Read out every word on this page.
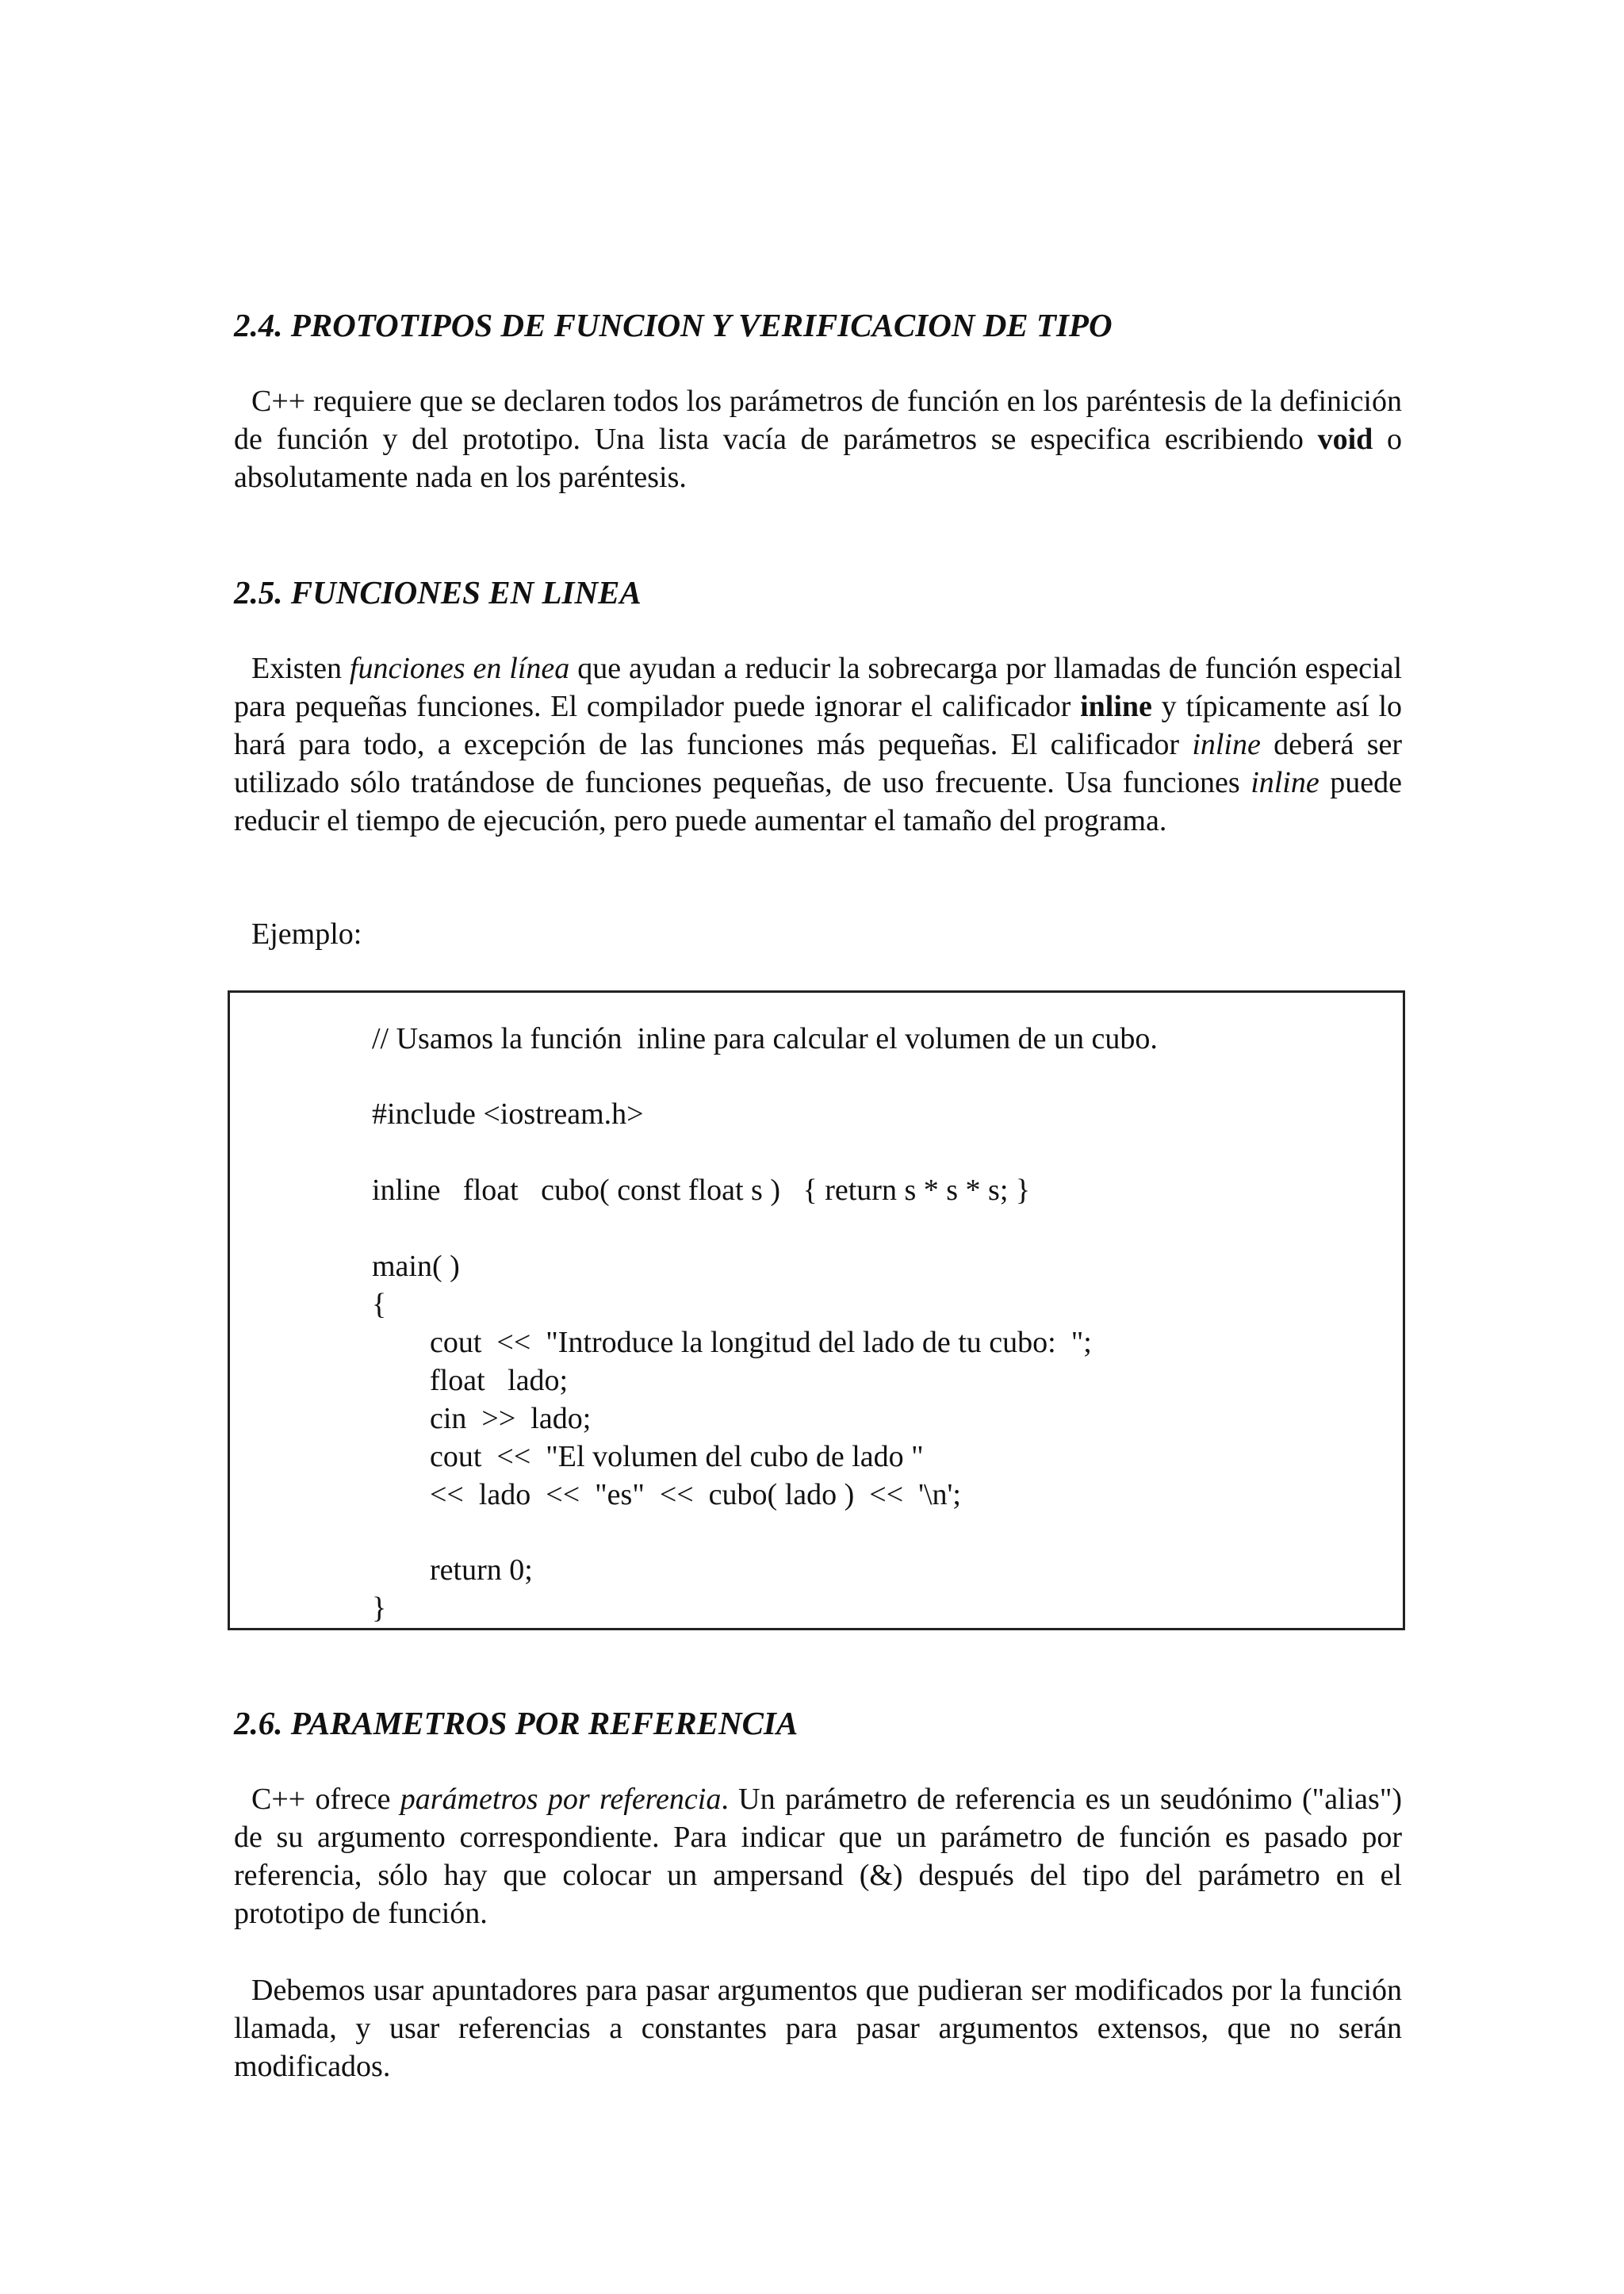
2.4. PROTOTIPOS DE FUNCION Y VERIFICACION DE TIPO

C++ requiere que se declaren todos los parámetros de función en los paréntesis de la definición de función y del prototipo. Una lista vacía de parámetros se especifica escribiendo void o absolutamente nada en los paréntesis.

2.5. FUNCIONES EN LINEA

Existen funciones en línea que ayudan a reducir la sobrecarga por llamadas de función especial para pequeñas funciones. El compilador puede ignorar el calificador inline y típicamente así lo hará para todo, a excepción de las funciones más pequeñas. El calificador inline deberá ser utilizado sólo tratándose de funciones pequeñas, de uso frecuente. Usa funciones inline puede reducir el tiempo de ejecución, pero puede aumentar el tamaño del programa.

Ejemplo:

// Usamos la función  inline para calcular el volumen de un cubo.

#include <iostream.h>

inline   float   cubo( const float s )   { return s * s * s; }

main( )

{

cout  <<  "Introduce la longitud del lado de tu cubo:  ";

float   lado;

cin  >>  lado;

cout  <<  "El volumen del cubo de lado "

<<  lado  <<  "es"  <<  cubo( lado )  <<  '\n';

return 0;

}

2.6. PARAMETROS POR REFERENCIA

C++ ofrece parámetros por referencia. Un parámetro de referencia es un seudónimo ("alias") de su argumento correspondiente. Para indicar que un parámetro de función es pasado por referencia, sólo hay que colocar un ampersand (&) después del tipo del parámetro en el prototipo de función.

Debemos usar apuntadores para pasar argumentos que pudieran ser modificados por la función llamada, y usar referencias a constantes para pasar argumentos extensos, que no serán modificados.
